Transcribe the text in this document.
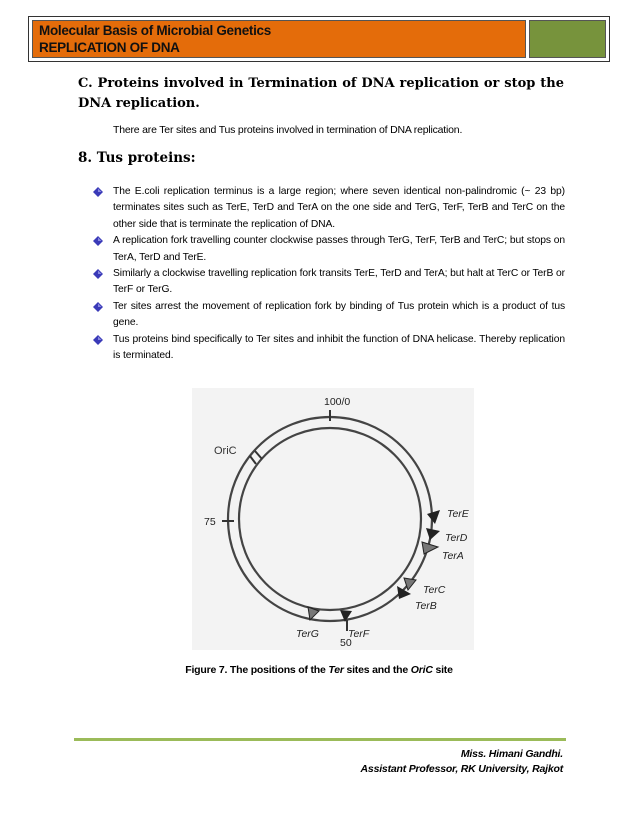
Molecular Basis of Microbial Genetics
REPLICATION OF DNA
C. Proteins involved in Termination of DNA replication or stop the DNA replication.
There are Ter sites and Tus proteins involved in termination of DNA replication.
8. Tus proteins:
The E.coli replication terminus is a large region; where seven identical non-palindromic (~ 23 bp) terminates sites such as TerE, TerD and TerA on the one side and TerG, TerF, TerB and TerC on the other side that is terminate the replication of DNA.
A replication fork travelling counter clockwise passes through TerG, TerF, TerB and TerC; but stops on TerA, TerD and TerE.
Similarly a clockwise travelling replication fork transits TerE, TerD and TerA; but halt at TerC or TerB or TerF or TerG.
Ter sites arrest the movement of replication fork by binding of Tus protein which is a product of tus gene.
Tus proteins bind specifically to Ter sites and inhibit the function of DNA helicase. Thereby replication is terminated.
100/0
75
50
OriC
TerE
TerD
TerA
TerC
TerB
TerG	TerF
Figure 7. The positions of the Ter sites and the OriC site
Miss. Himani Gandhi.
Assistant Professor, RK University, Rajkot
